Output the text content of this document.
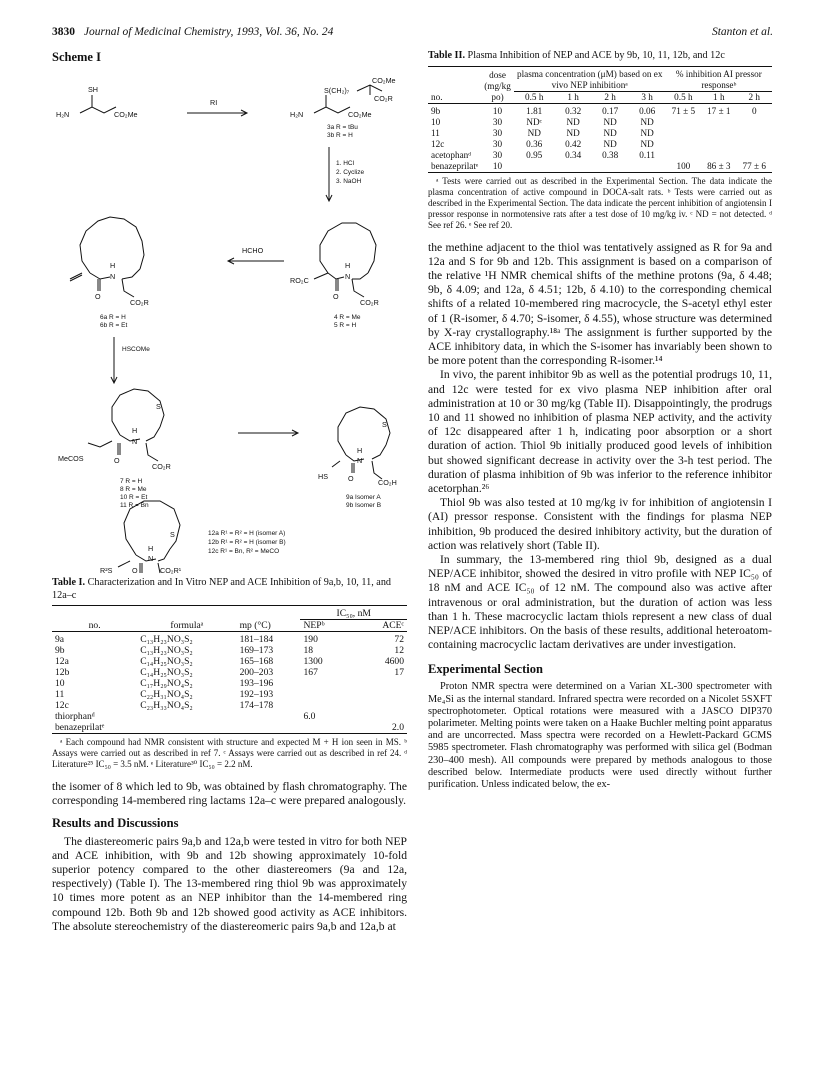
3830 Journal of Medicinal Chemistry, 1993, Vol. 36, No. 24	Stanton et al.
Scheme I
SH
H₂N	CO₂Me
RI
S(CH₂)₇
CO₂Me
CO₂R
H₂N	CO₂Me
3a R = tBu
3b R = H
1. HCl
2. Cyclize
3. NaOH
H
N
O
CO₂R
6a R = H
6b R = Et
HCHO
RO₂C
H
N
O
CO₂R
4 R = Me
5 R = H
HSCOMe
S
H
N
MeCOS	O
CO₂R
7 R = H
8 R = Me
10 R = Et
11 R = Bn
S
H
N
HS	O	CO₂H
9a Isomer A
9b Isomer B
S
H
N
R²S	O	CO₂R¹
12a R¹ = R² = H (isomer A)
12b R¹ = R² = H (isomer B)
12c R¹ = Bn, R² = MeCO
Table I. Characterization and In Vitro NEP and ACE Inhibition of 9a,b, 10, 11, and 12a–c
			IC₅₀, nM	
no.	formulaᵃ	mp (°C)	NEPᵇ	ACEᶜ
9a	C₁₃H₂₃NO₃S₂	181–184	190	72
9b	C₁₃H₂₃NO₃S₂	169–173	18	12
12a	C₁₄H₂₅NO₃S₂	165–168	1300	4600
12b	C₁₄H₂₅NO₃S₂	200–203	167	17
10	C₁₇H₂₉NO₄S₂	193–196		
11	C₂₂H₃₁NO₄S₂	192–193		
12c	C₂₃H₃₃NO₄S₂	174–178		
thiorphanᵈ			6.0	
benazeprilatᵉ				2.0
ᵃ Each compound had NMR consistent with structure and expected M + H ion seen in MS. ᵇ Assays were carried out as described in ref 7. ᶜ Assays were carried out as described in ref 24. ᵈ Literature²⁵ IC₅₀ = 3.5 nM. ᵉ Literature³⁰ IC₅₀ = 2.2 nM.

the isomer of 8 which led to 9b, was obtained by flash chromatography. The corresponding 14-membered ring lactams 12a–c were prepared analogously.

Results and Discussions

The diastereomeric pairs 9a,b and 12a,b were tested in vitro for both NEP and ACE inhibition, with 9b and 12b showing approximately 10-fold superior potency compared to the other diastereomers (9a and 12a, respectively) (Table I). The 13-membered ring thiol 9b was approximately 10 times more potent as an NEP inhibitor than the 14-membered ring compound 12b. Both 9b and 12b showed good activity as ACE inhibitors. The absolute stereochemistry of the diastereomeric pairs 9a,b and 12a,b at

Table II. Plasma Inhibition of NEP and ACE by 9b, 10, 11, 12b, and 12c
no.	dose (mg/kg po)	plasma concentration (μM) based on ex vivo NEP inhibitionᵃ				% inhibition AI pressor responseᵇ		
		0.5 h	1 h	2 h	3 h	0.5 h	1 h	2 h
9b	10	1.81	0.32	0.17	0.06	71 ± 5	17 ± 1	0
10	30	NDᶜ	ND	ND	ND			
11	30	ND	ND	ND	ND			
12c	30	0.36	0.42	ND	ND			
acetophanᵈ	30	0.95	0.34	0.38	0.11			
benazeprilatᵉ	10					100	86 ± 3	77 ± 6
ᵃ Tests were carried out as described in the Experimental Section. The data indicate the plasma concentration of active compound in DOCA-salt rats. ᵇ Tests were carried out as described in the Experimental Section. The data indicate the percent inhibition of angiotensin I pressor response in normotensive rats after a test dose of 10 mg/kg iv. ᶜ ND = not detected. ᵈ See ref 26. ᵉ See ref 20.

the methine adjacent to the thiol was tentatively assigned as R for 9a and 12a and S for 9b and 12b. This assignment is based on a comparison of the relative ¹H NMR chemical shifts of the methine protons (9a, δ 4.48; 9b, δ 4.09; and 12a, δ 4.51; 12b, δ 4.10) to the corresponding chemical shifts of a related 10-membered ring macrocycle, the S-acetyl ethyl ester of 1 (R-isomer, δ 4.70; S-isomer, δ 4.55), whose structure was determined by X-ray crystallography.¹⁸ᵃ The assignment is further supported by the ACE inhibitory data, in which the S-isomer has invariably been shown to be more potent than the corresponding R-isomer.¹⁴

In vivo, the parent inhibitor 9b as well as the potential prodrugs 10, 11, and 12c were tested for ex vivo plasma NEP inhibition after oral administration at 10 or 30 mg/kg (Table II). Disappointingly, the prodrugs 10 and 11 showed no inhibition of plasma NEP activity, and the activity of 12c disappeared after 1 h, indicating poor absorption or a short duration of action. Thiol 9b initially produced good levels of inhibition but showed significant decrease in activity over the 3-h test period. The duration of plasma inhibition of 9b was inferior to the reference inhibitor acetorphan.²⁶

Thiol 9b was also tested at 10 mg/kg iv for inhibition of angiotensin I (AI) pressor response. Consistent with the findings for plasma NEP inhibition, 9b produced the desired inhibitory activity, but the duration of action was relatively short (Table II).

In summary, the 13-membered ring thiol 9b, designed as a dual NEP/ACE inhibitor, showed the desired in vitro profile with NEP IC₅₀ of 18 nM and ACE IC₅₀ of 12 nM. The compound also was active after intravenous or oral administration, but the duration of action was less than 1 h. These macrocyclic lactam thiols represent a new class of dual NEP/ACE inhibitors. On the basis of these results, additional heteroatom-containing macrocyclic lactam derivatives are under investigation.

Experimental Section

Proton NMR spectra were determined on a Varian XL-300 spectrometer with Me₄Si as the internal standard. Infrared spectra were recorded on a Nicolet 5SXFT spectrophotometer. Optical rotations were measured with a JASCO DIP370 polarimeter. Melting points were taken on a Haake Buchler melting point apparatus and are uncorrected. Mass spectra were recorded on a Hewlett-Packard GCMS 5985 spectrometer. Flash chromatography was performed with silica gel (Bodman 230–400 mesh). All compounds were prepared by methods analogous to those described below. Intermediate products were used directly without further purification. Unless indicated below, the ex-
